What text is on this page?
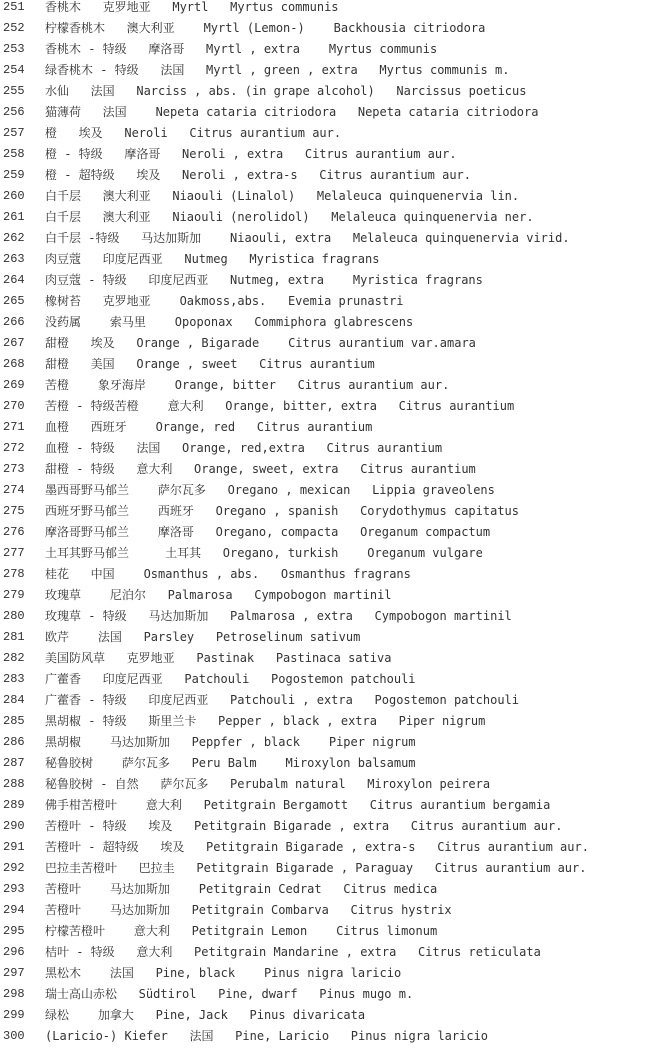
251	香桃木   克罗地亚   Myrtl   Myrtus communis
252	柠檬香桃木   澳大利亚    Myrtl (Lemon-)    Backhousia citriodora
253	香桃木 - 特级   摩洛哥   Myrtl , extra    Myrtus communis
254	绿香桃木 - 特级   法国   Myrtl , green , extra   Myrtus communis m.
255	水仙   法国   Narciss , abs. (in grape alcohol)   Narcissus poeticus
256	猫薄荷   法国    Nepeta cataria citriodora   Nepeta cataria citriodora
257	橙   埃及   Neroli   Citrus aurantium aur.
258	橙 - 特级   摩洛哥   Neroli , extra   Citrus aurantium aur.
259	橙 - 超特级   埃及   Neroli , extra-s   Citrus aurantium aur.
260	白千层   澳大利亚   Niaouli (Linalol)   Melaleuca quinquenervia lin.
261	白千层   澳大利亚   Niaouli (nerolidol)   Melaleuca quinquenervia ner.
262	白千层 -特级   马达加斯加    Niaouli, extra   Melaleuca quinquenervia virid.
263	肉豆蔻   印度尼西亚   Nutmeg   Myristica fragrans
264	肉豆蔻 - 特级   印度尼西亚   Nutmeg, extra    Myristica fragrans
265	橡树苔   克罗地亚    Oakmoss,abs.   Evemia prunastri
266	没药属    索马里    Opoponax   Commiphora glabrescens
267	甜橙   埃及   Orange , Bigarade    Citrus aurantium var.amara
268	甜橙   美国   Orange , sweet   Citrus aurantium
269	苦橙    象牙海岸    Orange, bitter   Citrus aurantium aur.
270	苦橙 - 特级苦橙    意大利   Orange, bitter, extra   Citrus aurantium
271	血橙   西班牙    Orange, red   Citrus aurantium
272	血橙 - 特级   法国   Orange, red,extra   Citrus aurantium
273	甜橙 - 特级   意大利   Orange, sweet, extra   Citrus aurantium
274	墨西哥野马郁兰    萨尔瓦多   Oregano , mexican   Lippia graveolens
275	西班牙野马郁兰    西班牙   Oregano , spanish   Corydothymus capitatus
276	摩洛哥野马郁兰    摩洛哥   Oregano, compacta   Oreganum compactum
277	土耳其野马郁兰     土耳其   Oregano, turkish    Oreganum vulgare
278	桂花   中国    Osmanthus , abs.   Osmanthus fragrans
279	玫瑰草    尼泊尔   Palmarosa   Cympobogon martinil
280	玫瑰草 - 特级   马达加斯加   Palmarosa , extra   Cympobogon martinil
281	欧芹    法国   Parsley   Petroselinum sativum
282	美国防风草   克罗地亚   Pastinak   Pastinaca sativa
283	广藿香   印度尼西亚   Patchouli   Pogostemon patchouli
284	广藿香 - 特级   印度尼西亚   Patchouli , extra   Pogostemon patchouli
285	黑胡椒 - 特级   斯里兰卡   Pepper , black , extra   Piper nigrum
286	黑胡椒    马达加斯加   Peppfer , black    Piper nigrum
287	秘鲁胶树    萨尔瓦多   Peru Balm    Miroxylon balsamum
288	秘鲁胶树 - 自然   萨尔瓦多   Perubalm natural   Miroxylon peirera
289	佛手柑苦橙叶    意大利   Petitgrain Bergamott   Citrus aurantium bergamia
290	苦橙叶 - 特级   埃及   Petitgrain Bigarade , extra   Citrus aurantium aur.
291	苦橙叶 - 超特级   埃及   Petitgrain Bigarade , extra-s   Citrus aurantium aur.
292	巴拉圭苦橙叶   巴拉圭   Petitgrain Bigarade , Paraguay   Citrus aurantium aur.
293	苦橙叶    马达加斯加    Petitgrain Cedrat   Citrus medica
294	苦橙叶    马达加斯加   Petitgrain Combarva   Citrus hystrix
295	柠檬苦橙叶    意大利   Petitgrain Lemon    Citrus limonum
296	桔叶 - 特级   意大利   Petitgrain Mandarine , extra   Citrus reticulata
297	黑松木    法国   Pine, black    Pinus nigra laricio
298	瑞士高山赤松   Südtirol   Pine, dwarf   Pinus mugo m.
299	绿松    加拿大   Pine, Jack   Pinus divaricata
300	(Laricio-) Kiefer   法国   Pine, Laricio   Pinus nigra laricio
